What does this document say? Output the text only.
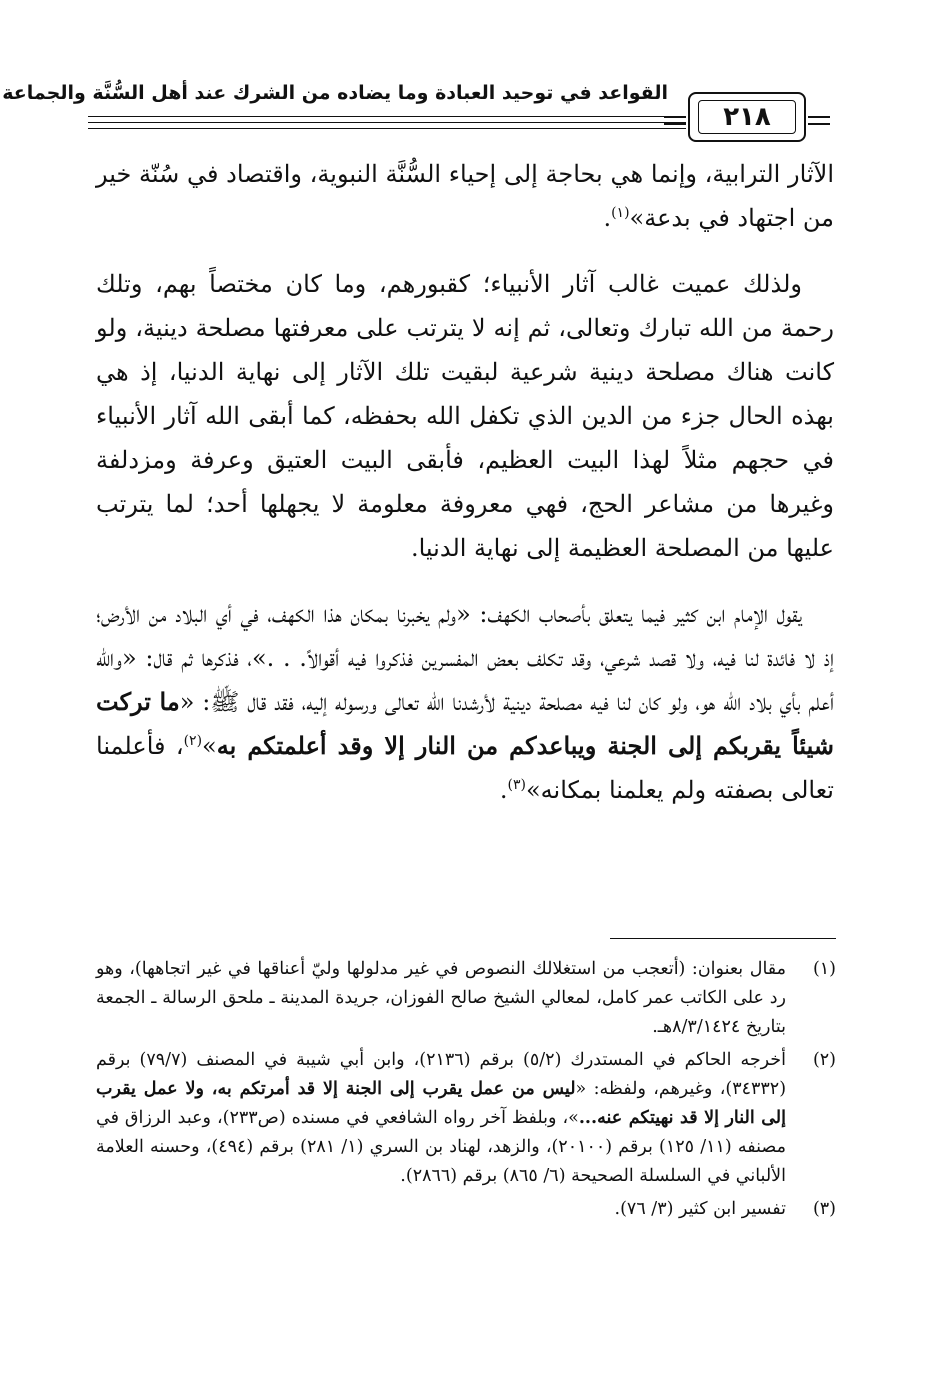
القواعد في توحيد العبادة وما يضاده من الشرك عند أهل السُّنَّة والجماعة
٢١٨

الآثار الترابية، وإنما هي بحاجة إلى إحياء السُّنَّة النبوية، واقتصاد في سُنّة خير من اجتهاد في بدعة»$^{(١)}$.

ولذلك عميت غالب آثار الأنبياء؛ كقبورهم، وما كان مختصاً بهم، وتلك رحمة من الله تبارك وتعالى، ثم إنه لا يترتب على معرفتها مصلحة دينية، ولو كانت هناك مصلحة دينية شرعية لبقيت تلك الآثار إلى نهاية الدنيا، إذ هي بهذه الحال جزء من الدين الذي تكفل الله بحفظه، كما أبقى الله آثار الأنبياء في حجهم مثلاً لهذا البيت العظيم، فأبقى البيت العتيق وعرفة ومزدلفة وغيرها من مشاعر الحج، فهي معروفة معلومة لا يجهلها أحد؛ لما يترتب عليها من المصلحة العظيمة إلى نهاية الدنيا.

يقول الإمام ابن كثير فيما يتعلق بأصحاب الكهف: «ولم يخبرنا بمكان هذا الكهف، في أي البلاد من الأرض؛ إذ لا فائدة لنا فيه، ولا قصد شرعي، وقد تكلف بعض المفسرين فذكروا فيه أقوالاً. . .»، فذكرها ثم قال: «والله أعلم بأي بلاد الله هو، ولو كان لنا فيه مصلحة دينية لأرشدنا الله تعالى ورسوله إليه، فقد قال ﷺ: «ما تركت شيئاً يقربكم إلى الجنة ويباعدكم من النار إلا وقد أعلمتكم به»$^{(٢)}$، فأعلمنا تعالى بصفته ولم يعلمنا بمكانه»$^{(٣)}$.

(١)
مقال بعنوان: (أتعجب من استغلالك النصوص في غير مدلولها وليّ أعناقها في غير اتجاهها)، وهو رد على الكاتب عمر كامل، لمعالي الشيخ صالح الفوزان، جريدة المدينة ـ ملحق الرسالة ـ الجمعة بتاريخ ٨/٣/١٤٢٤هـ.
(٢)
أخرجه الحاكم في المستدرك (٥/٢) برقم (٢١٣٦)، وابن أبي شيبة في المصنف (٧٩/٧) برقم (٣٤٣٣٢)، وغيرهم، ولفظه: «ليس من عمل يقرب إلى الجنة إلا قد أمرتكم به، ولا عمل يقرب إلى النار إلا قد نهيتكم عنه...»، وبلفظ آخر رواه الشافعي في مسنده (ص٢٣٣)، وعبد الرزاق في مصنفه (١١/ ١٢٥) برقم (٢٠١٠٠)، والزهد، لهناد بن السري (١/ ٢٨١) برقم (٤٩٤)، وحسنه العلامة الألباني في السلسلة الصحيحة (٦/ ٨٦٥) برقم (٢٨٦٦).
(٣)
تفسير ابن كثير (٣/ ٧٦).
